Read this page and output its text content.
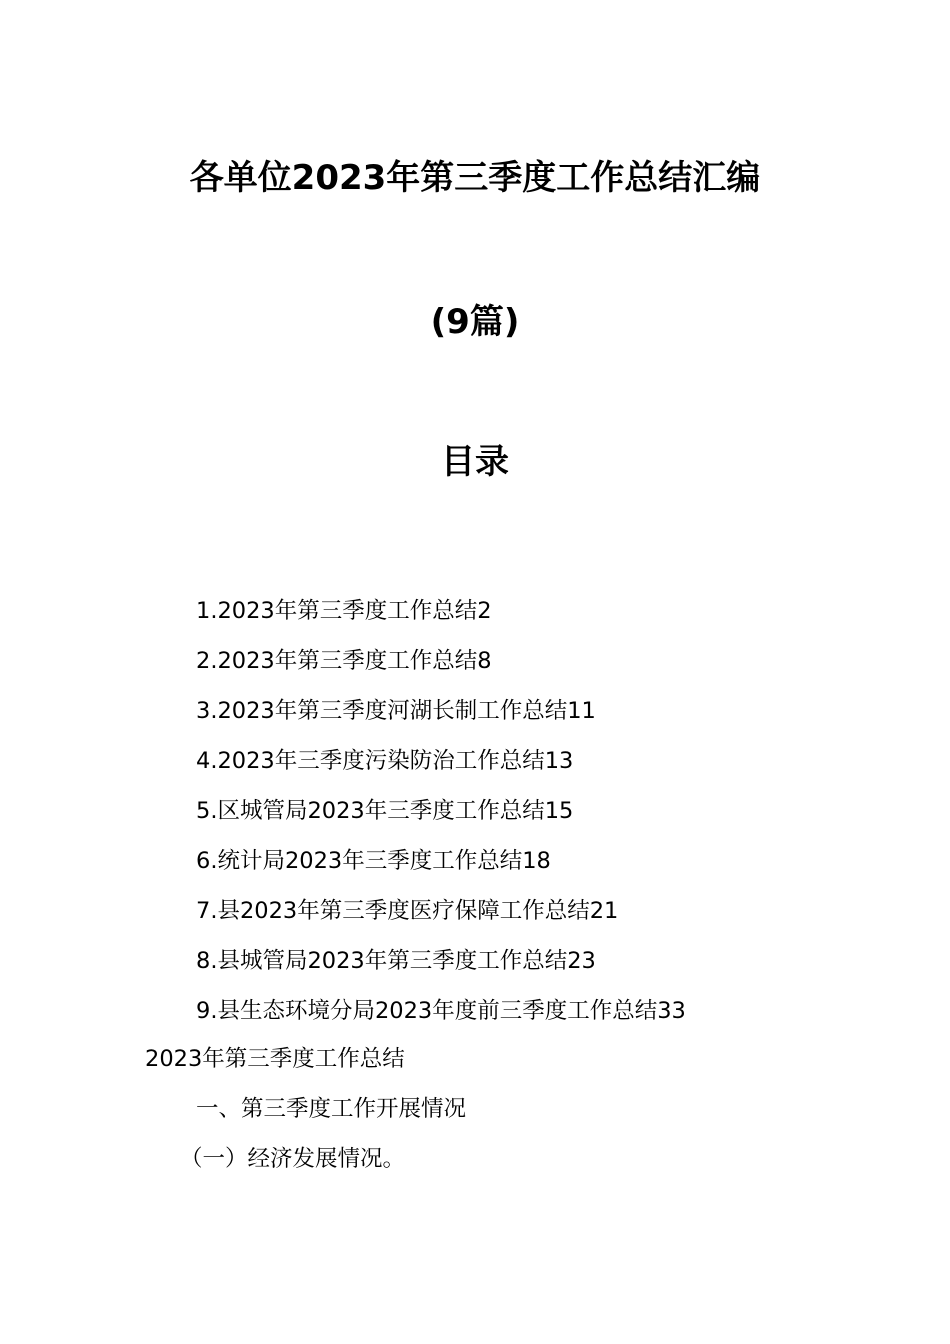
各单位2023年第三季度工作总结汇编
(9篇)
目录
1.2023年第三季度工作总结2
2.2023年第三季度工作总结8
3.2023年第三季度河湖长制工作总结11
4.2023年三季度污染防治工作总结13
5.区城管局2023年三季度工作总结15
6.统计局2023年三季度工作总结18
7.县2023年第三季度医疗保障工作总结21
8.县城管局2023年第三季度工作总结23
9.县生态环境分局2023年度前三季度工作总结33
2023年第三季度工作总结
一、第三季度工作开展情况
（一）经济发展情况。
